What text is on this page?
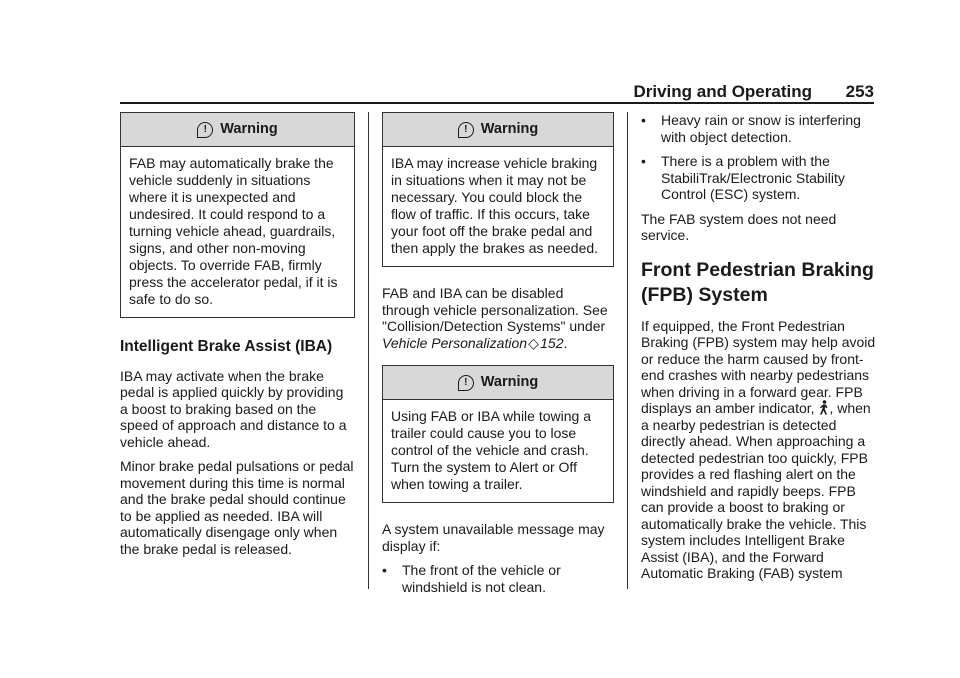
Driving and Operating 253
! Warning
FAB may automatically brake the vehicle suddenly in situations where it is unexpected and undesired. It could respond to a turning vehicle ahead, guardrails, signs, and other non-moving objects. To override FAB, firmly press the accelerator pedal, if it is safe to do so.
Intelligent Brake Assist (IBA)

IBA may activate when the brake pedal is applied quickly by providing a boost to braking based on the speed of approach and distance to a vehicle ahead.

Minor brake pedal pulsations or pedal movement during this time is normal and the brake pedal should continue to be applied as needed. IBA will automatically disengage only when the brake pedal is released.

! Warning
IBA may increase vehicle braking in situations when it may not be necessary. You could block the flow of traffic. If this occurs, take your foot off the brake pedal and then apply the brakes as needed.

FAB and IBA can be disabled through vehicle personalization. See "Collision/Detection Systems" under Vehicle Personalization ◇ 152.

! Warning
Using FAB or IBA while towing a trailer could cause you to lose control of the vehicle and crash. Turn the system to Alert or Off when towing a trailer.

A system unavailable message may display if:

•	The front of the vehicle or windshield is not clean.
•	Heavy rain or snow is interfering with object detection.
•	There is a problem with the StabiliTrak/Electronic Stability Control (ESC) system.

The FAB system does not need service.

Front Pedestrian Braking (FPB) System

If equipped, the Front Pedestrian Braking (FPB) system may help avoid or reduce the harm caused by front-end crashes with nearby pedestrians when driving in a forward gear. FPB displays an amber indicator, , when a nearby pedestrian is detected directly ahead. When approaching a detected pedestrian too quickly, FPB provides a red flashing alert on the windshield and rapidly beeps. FPB can provide a boost to braking or automatically brake the vehicle. This system includes Intelligent Brake Assist (IBA), and the Forward Automatic Braking (FAB) system
